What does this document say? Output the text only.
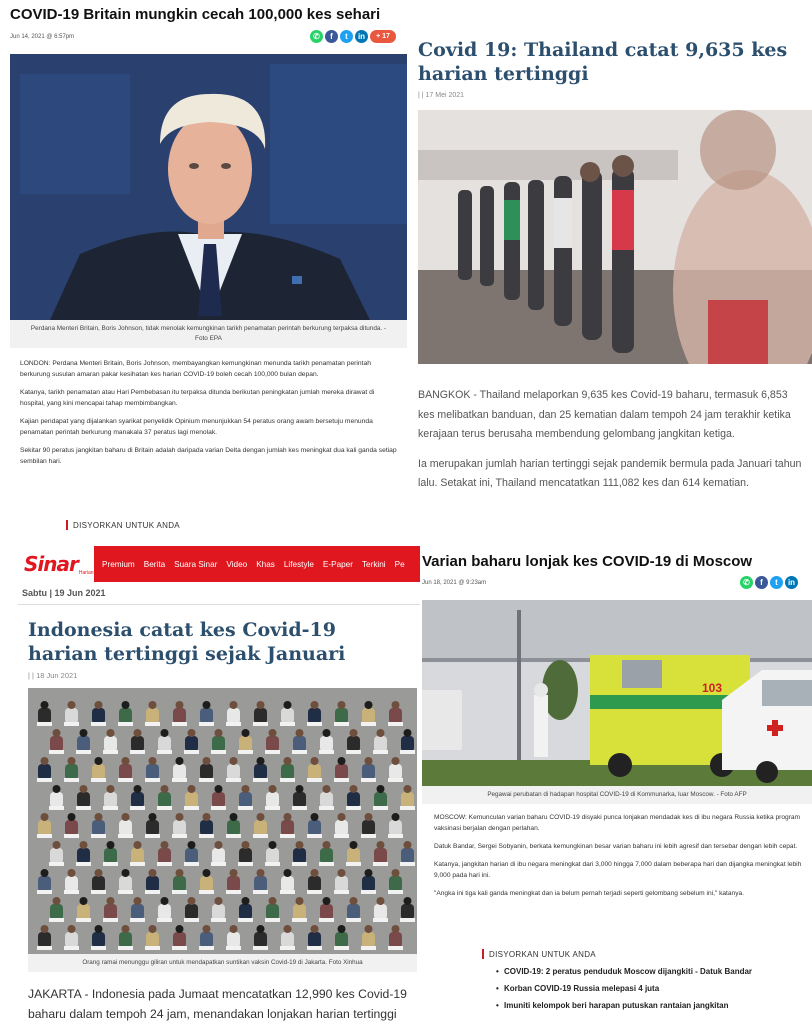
COVID-19 Britain mungkin cecah 100,000 kes sehari
Jun 14, 2021 @ 6:57pm	✆	f	t	in	+ 17
Perdana Menteri Britain, Boris Johnson, tidak menolak kemungkinan tarikh penamatan perintah berkurung terpaksa ditunda. - Foto EPA

LONDON: Perdana Menteri Britain, Boris Johnson, membayangkan kemungkinan menunda tarikh penamatan perintah berkurung susulan amaran pakar kesihatan kes harian COVID-19 boleh cecah 100,000 bulan depan.

Katanya, tarikh penamatan atau Hari Pembebasan itu terpaksa ditunda berikutan peningkatan jumlah mereka dirawat di hospital, yang kini mencapai tahap membimbangkan.

Kajian pendapat yang dijalankan syarikat penyelidik Opinium menunjukkan 54 peratus orang awam bersetuju menunda penamatan perintah berkurung manakala 37 peratus lagi menolak.

Sekitar 90 peratus jangkitan baharu di Britain adalah daripada varian Delta dengan jumlah kes meningkat dua kali ganda setiap sembilan hari.

DISYORKAN UNTUK ANDA
Covid 19: Thailand catat 9,635 kes harian tertinggi
| | 17 Mei 2021

BANGKOK - Thailand melaporkan 9,635 kes Covid-19 baharu, termasuk 6,853 kes melibatkan banduan, dan 25 kematian dalam tempoh 24 jam terakhir ketika kerajaan terus berusaha membendung gelombang jangkitan ketiga.

Ia merupakan jumlah harian tertinggi sejak pandemik bermula pada Januari tahun lalu. Setakat ini, Thailand mencatatkan 111,082 kes dan 614 kematian.

Sinar Harian
Premium Berita Suara Sinar Video Khas Lifestyle E-Paper Terkini Pe
Sabtu | 19 Jun 2021
Indonesia catat kes Covid-19 harian tertinggi sejak Januari
| | 18 Jun 2021
Orang ramai menunggu giliran untuk mendapatkan suntikan vaksin Covid-19 di Jakarta. Foto Xinhua
JAKARTA - Indonesia pada Jumaat mencatatkan 12,990 kes Covid-19 baharu dalam tempoh 24 jam, menandakan lonjakan harian tertinggi
Varian baharu lonjak kes COVID-19 di Moscow
Jun 18, 2021 @ 9:23am	✆	f	t	in
103
Pegawai perubatan di hadapan hospital COVID-19 di Kommunarka, luar Moscow. - Foto AFP

MOSCOW: Kemunculan varian baharu COVID-19 disyaki punca lonjakan mendadak kes di ibu negara Russia ketika program vaksinasi berjalan dengan perlahan.

Datuk Bandar, Sergei Sobyanin, berkata kemungkinan besar varian baharu ini lebih agresif dan tersebar dengan lebih cepat.

Katanya, jangkitan harian di ibu negara meningkat dari 3,000 hingga 7,000 dalam beberapa hari dan dijangka meningkat lebih 9,000 pada hari ini.

"Angka ini tiga kali ganda meningkat dan ia belum pernah terjadi seperti gelombang sebelum ini," katanya.

DISYORKAN UNTUK ANDA
• COVID-19: 2 peratus penduduk Moscow dijangkiti - Datuk Bandar
• Korban COVID-19 Russia melepasi 4 juta
• Imuniti kelompok beri harapan putuskan rantaian jangkitan
